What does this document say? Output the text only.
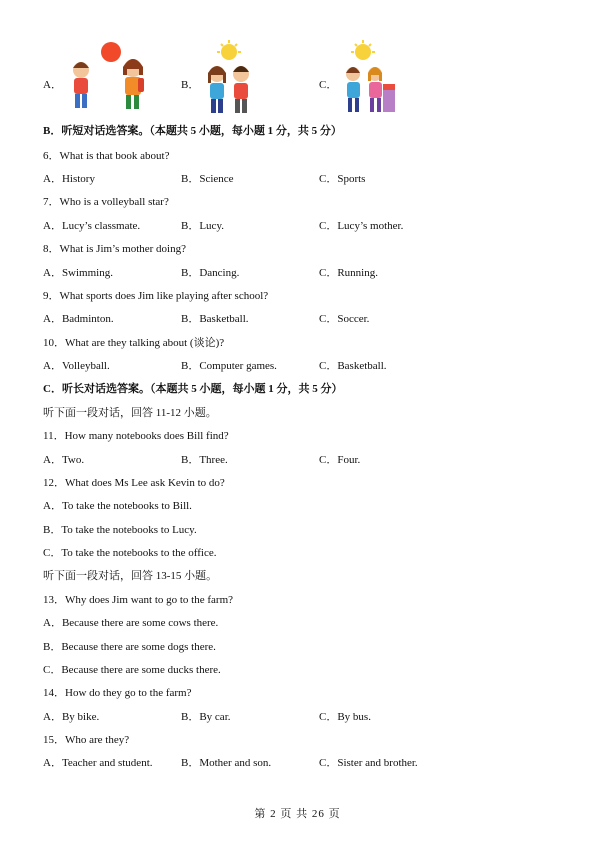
A．	B．	C．
B．听短对话选答案。（本题共 5 小题，每小题 1 分，共 5 分）
6．What is that book about?
A．History	B．Science	C．Sports
7．Who is a volleyball star?
A．Lucy’s classmate.	B．Lucy.	C．Lucy’s mother.
8．What is Jim’s mother doing?
A．Swimming.	B．Dancing.	C．Running.
9．What sports does Jim like playing after school?
A．Badminton.	B．Basketball.	C．Soccer.
10．What are they talking about (谈论)?
A．Volleyball.	B．Computer games.	C．Basketball.
C．听长对话选答案。（本题共 5 小题，每小题 1 分，共 5 分）
听下面一段对话，回答 11-12 小题。
11．How many notebooks does Bill find?
A．Two.	B．Three.	C．Four.
12．What does Ms Lee ask Kevin to do?
A．To take the notebooks to Bill.
B．To take the notebooks to Lucy.
C．To take the notebooks to the office.
听下面一段对话，回答 13-15 小题。
13．Why does Jim want to go to the farm?
A．Because there are some cows there.
B．Because there are some dogs there.
C．Because there are some ducks there.
14．How do they go to the farm?
A．By bike.	B．By car.	C．By bus.
15．Who are they?
A．Teacher and student.	B．Mother and son.	C．Sister and brother.
第 2 页 共 26 页
